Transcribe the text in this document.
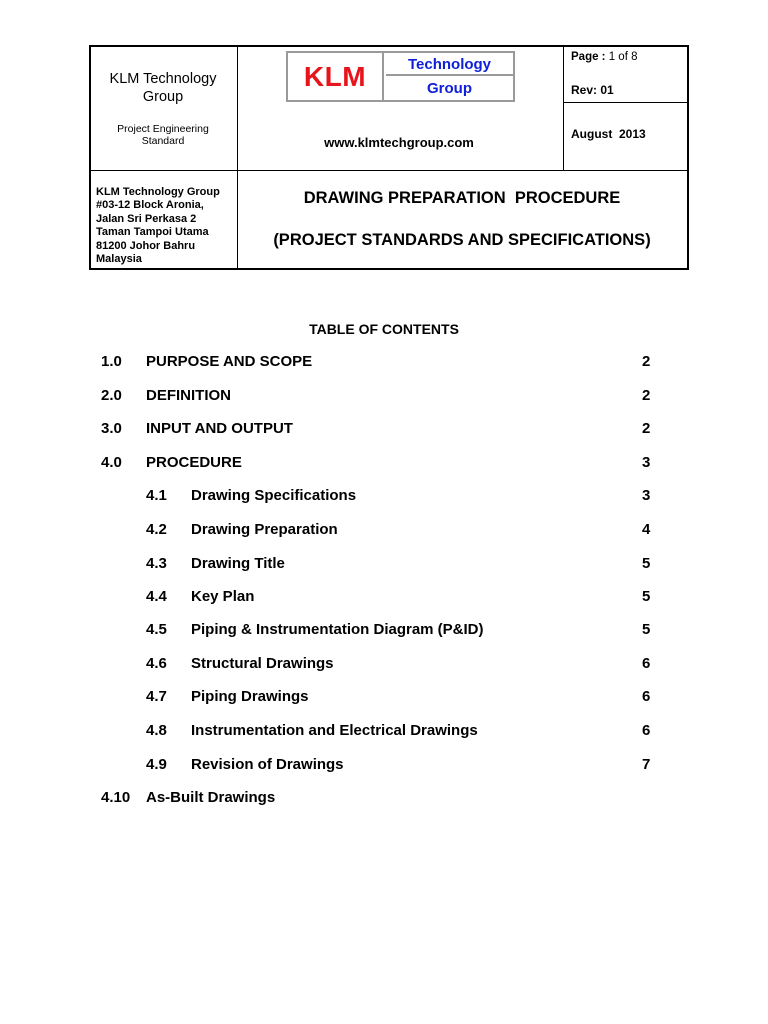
KLM Technology
Group
Project Engineering
Standard
KLM	Technology
Group
www.klmtechgroup.com
Page : 1 of 8
Rev: 01
August  2013
KLM Technology Group
#03-12 Block Aronia,
Jalan Sri Perkasa 2
Taman Tampoi Utama
81200 Johor Bahru
Malaysia
DRAWING PREPARATION  PROCEDURE
(PROJECT STANDARDS AND SPECIFICATIONS)
TABLE OF CONTENTS
1.0 PURPOSE AND SCOPE	2
2.0 DEFINITION	2
3.0 INPUT AND OUTPUT	2
4.0 PROCEDURE	3
4.1 Drawing Specifications	3
4.2 Drawing Preparation	4
4.3 Drawing Title	5
4.4 Key Plan	5
4.5 Piping & Instrumentation Diagram (P&ID)	5
4.6 Structural Drawings	6
4.7 Piping Drawings	6
4.8 Instrumentation and Electrical Drawings	6
4.9 Revision of Drawings	7
4.10 As-Built Drawings
